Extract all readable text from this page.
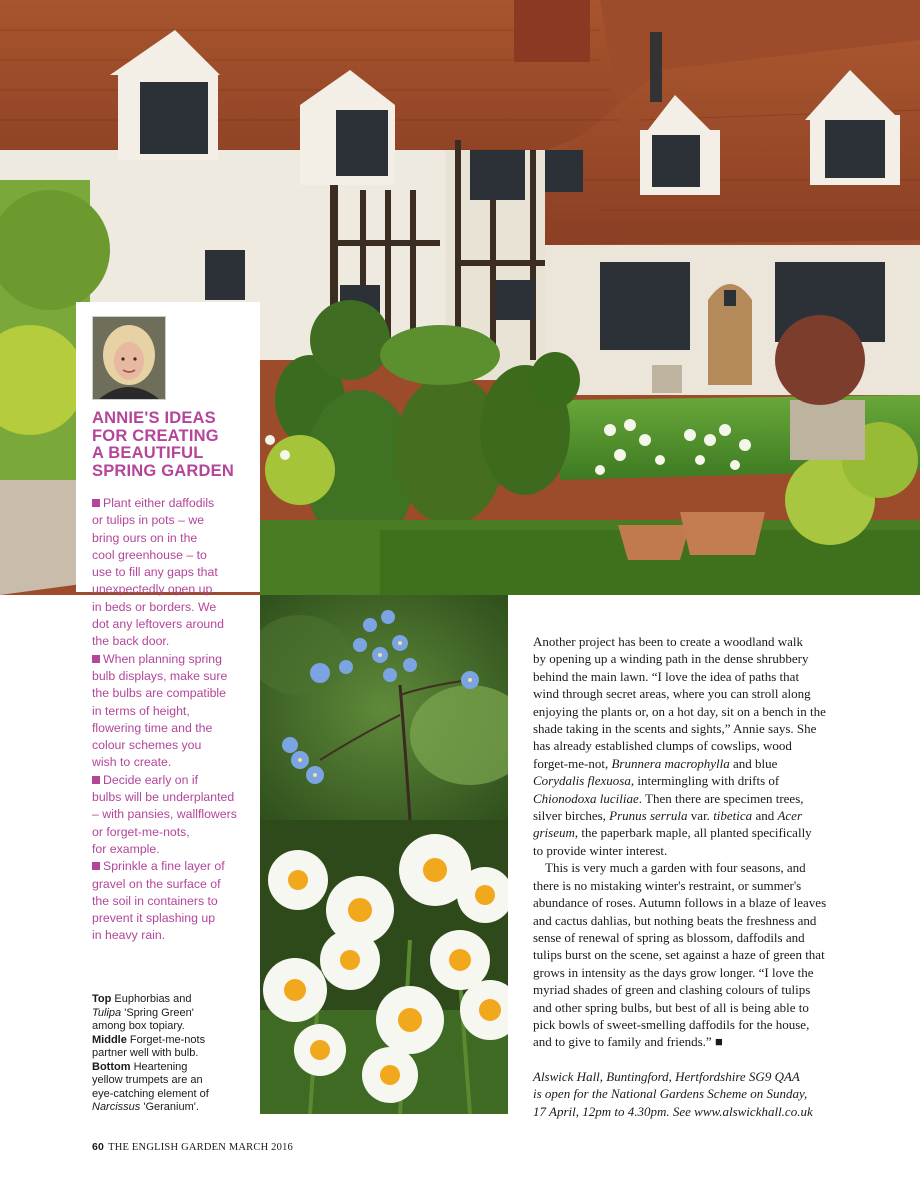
ANNIE'S IDEAS
FOR CREATING
A BEAUTIFUL
SPRING GARDEN
Plant either daffodils
or tulips in pots – we
bring ours on in the
cool greenhouse – to
use to fill any gaps that
unexpectedly open up
in beds or borders. We
dot any leftovers around
the back door.
When planning spring
bulb displays, make sure
the bulbs are compatible
in terms of height,
flowering time and the
colour schemes you
wish to create.
Decide early on if
bulbs will be underplanted
– with pansies, wallflowers
or forget-me-nots,
for example.
Sprinkle a fine layer of
gravel on the surface of
the soil in containers to
prevent it splashing up
in heavy rain.
Top Euphorbias and
Tulipa 'Spring Green'
among box topiary.
Middle Forget-me-nots
partner well with bulb.
Bottom Heartening
yellow trumpets are an
eye-catching element of
Narcissus 'Geranium'.
Another project has been to create a woodland walk
by opening up a winding path in the dense shrubbery
behind the main lawn. “I love the idea of paths that
wind through secret areas, where you can stroll along
enjoying the plants or, on a hot day, sit on a bench in the
shade taking in the scents and sights,” Annie says. She
has already established clumps of cowslips, wood
forget-me-not, Brunnera macrophylla and blue
Corydalis flexuosa, intermingling with drifts of
Chionodoxa luciliae. Then there are specimen trees,
silver birches, Prunus serrula var. tibetica and Acer
griseum, the paperbark maple, all planted specifically
to provide winter interest.
This is very much a garden with four seasons, and
there is no mistaking winter's restraint, or summer's
abundance of roses. Autumn follows in a blaze of leaves
and cactus dahlias, but nothing beats the freshness and
sense of renewal of spring as blossom, daffodils and
tulips burst on the scene, set against a haze of green that
grows in intensity as the days grow longer. “I love the
myriad shades of green and clashing colours of tulips
and other spring bulbs, but best of all is being able to
pick bowls of sweet-smelling daffodils for the house,
and to give to family and friends.” ■
Alswick Hall, Buntingford, Hertfordshire SG9 QAA
is open for the National Gardens Scheme on Sunday,
17 April, 12pm to 4.30pm. See www.alswickhall.co.uk
60 THE ENGLISH GARDEN MARCH 2016
